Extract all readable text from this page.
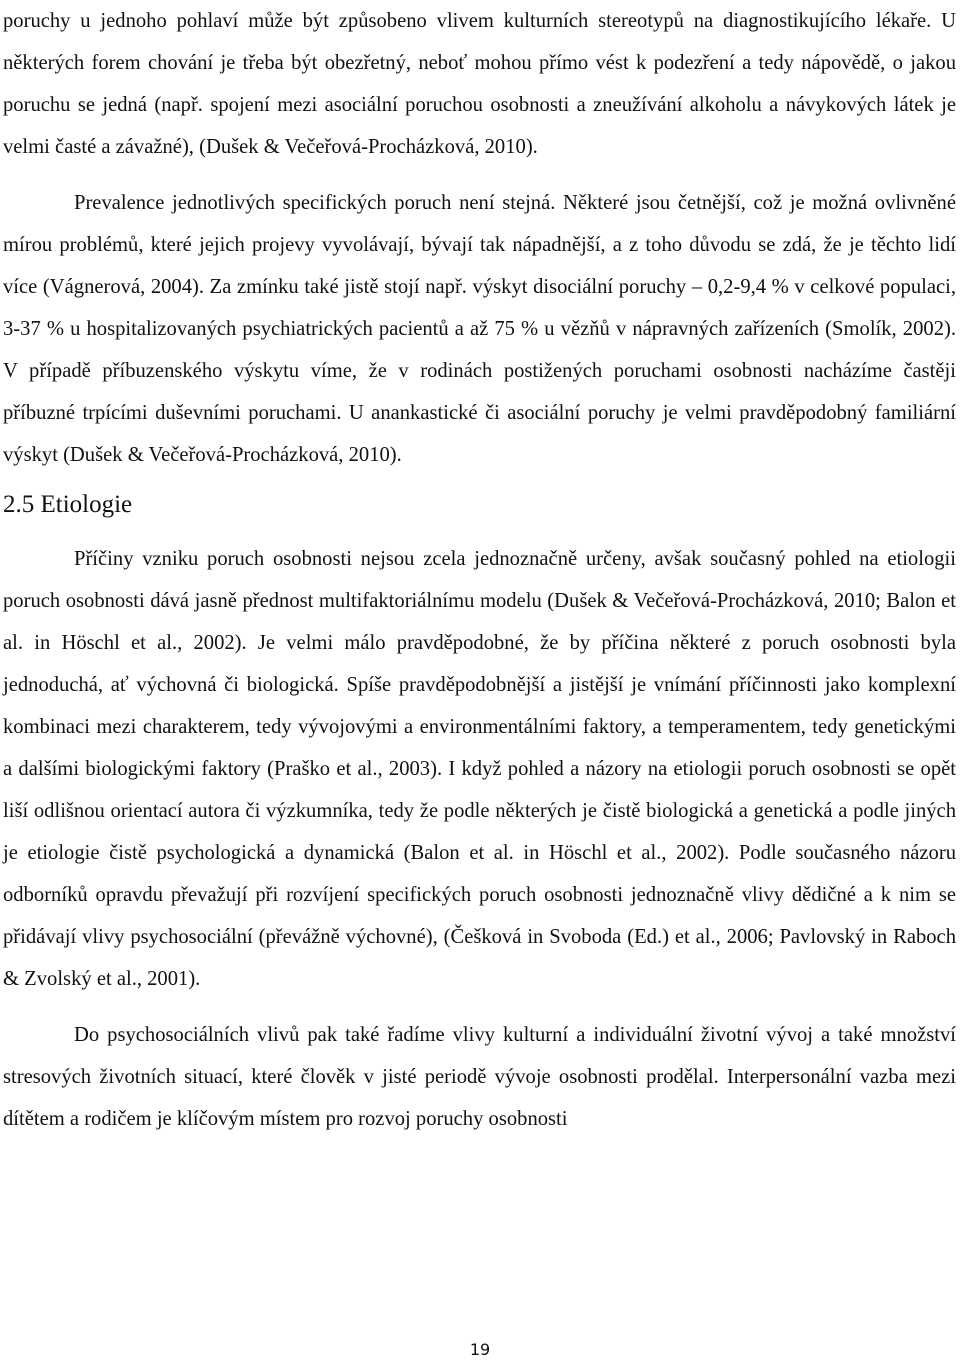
poruchy u jednoho pohlaví může být způsobeno vlivem kulturních stereotypů na diagnostikujícího lékaře. U některých forem chování je třeba být obezřetný, neboť mohou přímo vést k podezření a tedy nápovědě, o jakou poruchu se jedná (např. spojení mezi asociální poruchou osobnosti a zneužívání alkoholu a návykových látek je velmi časté a závažné), (Dušek & Večeřová-Procházková, 2010).

Prevalence jednotlivých specifických poruch není stejná. Některé jsou četnější, což je možná ovlivněné mírou problémů, které jejich projevy vyvolávají, bývají tak nápadnější, a z toho důvodu se zdá, že je těchto lidí více (Vágnerová, 2004). Za zmínku také jistě stojí např. výskyt disociální poruchy – 0,2-9,4 % v celkové populaci, 3-37 % u hospitalizovaných psychiatrických pacientů a až 75 % u vězňů v nápravných zařízeních (Smolík, 2002). V případě příbuzenského výskytu víme, že v rodinách postižených poruchami osobnosti nacházíme častěji příbuzné trpícími duševními poruchami. U anankastické či asociální poruchy je velmi pravděpodobný familiární výskyt (Dušek & Večeřová-Procházková, 2010).

2.5 Etiologie

Příčiny vzniku poruch osobnosti nejsou zcela jednoznačně určeny, avšak současný pohled na etiologii poruch osobnosti dává jasně přednost multifaktoriálnímu modelu (Dušek & Večeřová-Procházková, 2010; Balon et al. in Höschl et al., 2002). Je velmi málo pravděpodobné, že by příčina některé z poruch osobnosti byla jednoduchá, ať výchovná či biologická. Spíše pravděpodobnější a jistější je vnímání příčinnosti jako komplexní kombinaci mezi charakterem, tedy vývojovými a environmentálními faktory, a temperamentem, tedy genetickými a dalšími biologickými faktory (Praško et al., 2003). I když pohled a názory na etiologii poruch osobnosti se opět liší odlišnou orientací autora či výzkumníka, tedy že podle některých je čistě biologická a genetická a podle jiných je etiologie čistě psychologická a dynamická (Balon et al. in Höschl et al., 2002). Podle současného názoru odborníků opravdu převažují při rozvíjení specifických poruch osobnosti jednoznačně vlivy dědičné a k nim se přidávají vlivy psychosociální (převážně výchovné), (Češková in Svoboda (Ed.) et al., 2006; Pavlovský in Raboch & Zvolský et al., 2001).

Do psychosociálních vlivů pak také řadíme vlivy kulturní a individuální životní vývoj a také množství stresových životních situací, které člověk v jisté periodě vývoje osobnosti prodělal. Interpersonální vazba mezi dítětem a rodičem je klíčovým místem pro rozvoj poruchy osobnosti

19
